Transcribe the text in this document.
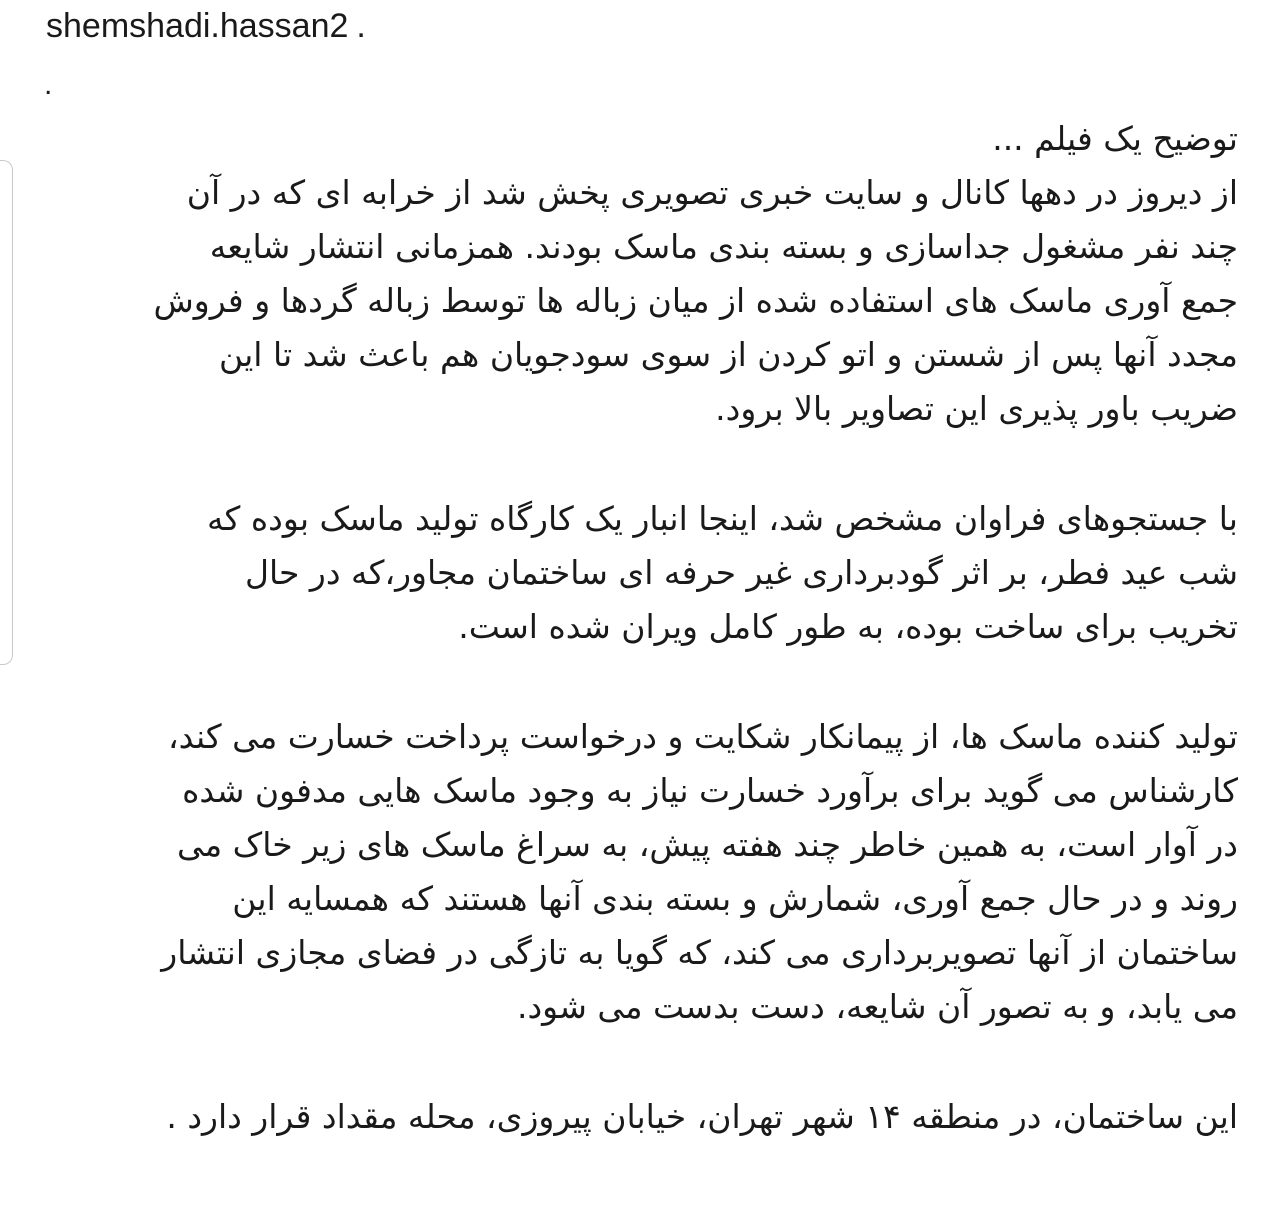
shemshadi.hassan2 .
.
توضیح یک فیلم ...
از دیروز در دهها کانال و سایت خبری تصویری پخش شد از خرابه ای که در آن
چند نفر مشغول جداسازی و بسته بندی ماسک بودند. همزمانی انتشار شایعه
جمع آوری ماسک های استفاده شده از میان زباله ها توسط زباله گردها و فروش
مجدد آنها پس از شستن و اتو کردن از سوی سودجویان هم باعث شد تا این
ضریب باور پذیری این تصاویر بالا برود.
با جستجوهای فراوان مشخص شد، اینجا انبار یک کارگاه تولید ماسک بوده که
شب عید فطر، بر اثر گودبرداری غیر حرفه ای ساختمان مجاور،که در حال
تخریب برای ساخت بوده، به طور کامل ویران شده است.
تولید کننده ماسک ها، از پیمانکار شکایت و درخواست پرداخت خسارت می کند،
کارشناس می گوید برای برآورد خسارت نیاز به وجود ماسک هایی مدفون شده
در آوار است، به همین خاطر چند هفته پیش، به سراغ ماسک های زیر خاک می
روند و در حال جمع آوری، شمارش و بسته بندی آنها هستند که همسایه این
ساختمان از آنها تصویربرداری می کند، که گویا به تازگی در فضای مجازی انتشار
می یابد، و به تصور آن شایعه، دست بدست می شود.
این ساختمان، در منطقه ۱۴ شهر تهران، خیابان پیروزی، محله مقداد قرار دارد .
